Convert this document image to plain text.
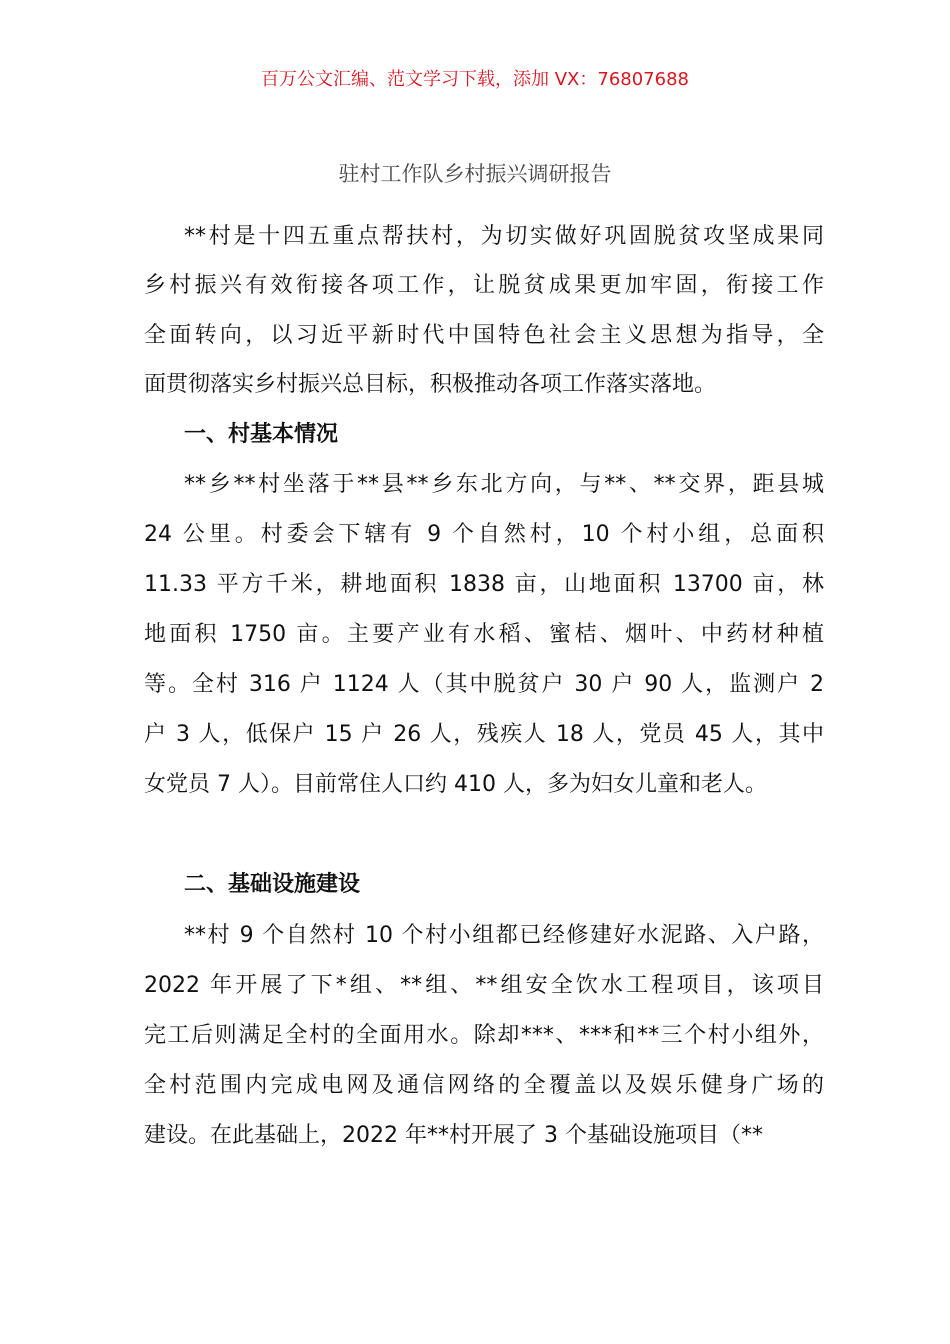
百万公文汇编、范文学习下载，添加 VX：76807688
驻村工作队乡村振兴调研报告
**村是十四五重点帮扶村，为切实做好巩固脱贫攻坚成果同
乡村振兴有效衔接各项工作，让脱贫成果更加牢固，衔接工作
全面转向，以习近平新时代中国特色社会主义思想为指导，全
面贯彻落实乡村振兴总目标，积极推动各项工作落实落地。
一、村基本情况
**乡**村坐落于**县**乡东北方向，与**、**交界，距县城
24 公里。村委会下辖有 9 个自然村，10 个村小组，总面积
11.33 平方千米，耕地面积 1838 亩，山地面积 13700 亩，林
地面积 1750 亩。主要产业有水稻、蜜桔、烟叶、中药材种植
等。全村 316 户 1124 人（其中脱贫户 30 户 90 人，监测户 2
户 3 人，低保户 15 户 26 人，残疾人 18 人，党员 45 人，其中
女党员 7 人）。目前常住人口约 410 人，多为妇女儿童和老人。
二、基础设施建设
**村 9 个自然村 10 个村小组都已经修建好水泥路、入户路，
2022 年开展了下*组、**组、**组安全饮水工程项目，该项目
完工后则满足全村的全面用水。除却***、***和**三个村小组外，
全村范围内完成电网及通信网络的全覆盖以及娱乐健身广场的
建设。在此基础上，2022 年**村开展了 3 个基础设施项目（**
